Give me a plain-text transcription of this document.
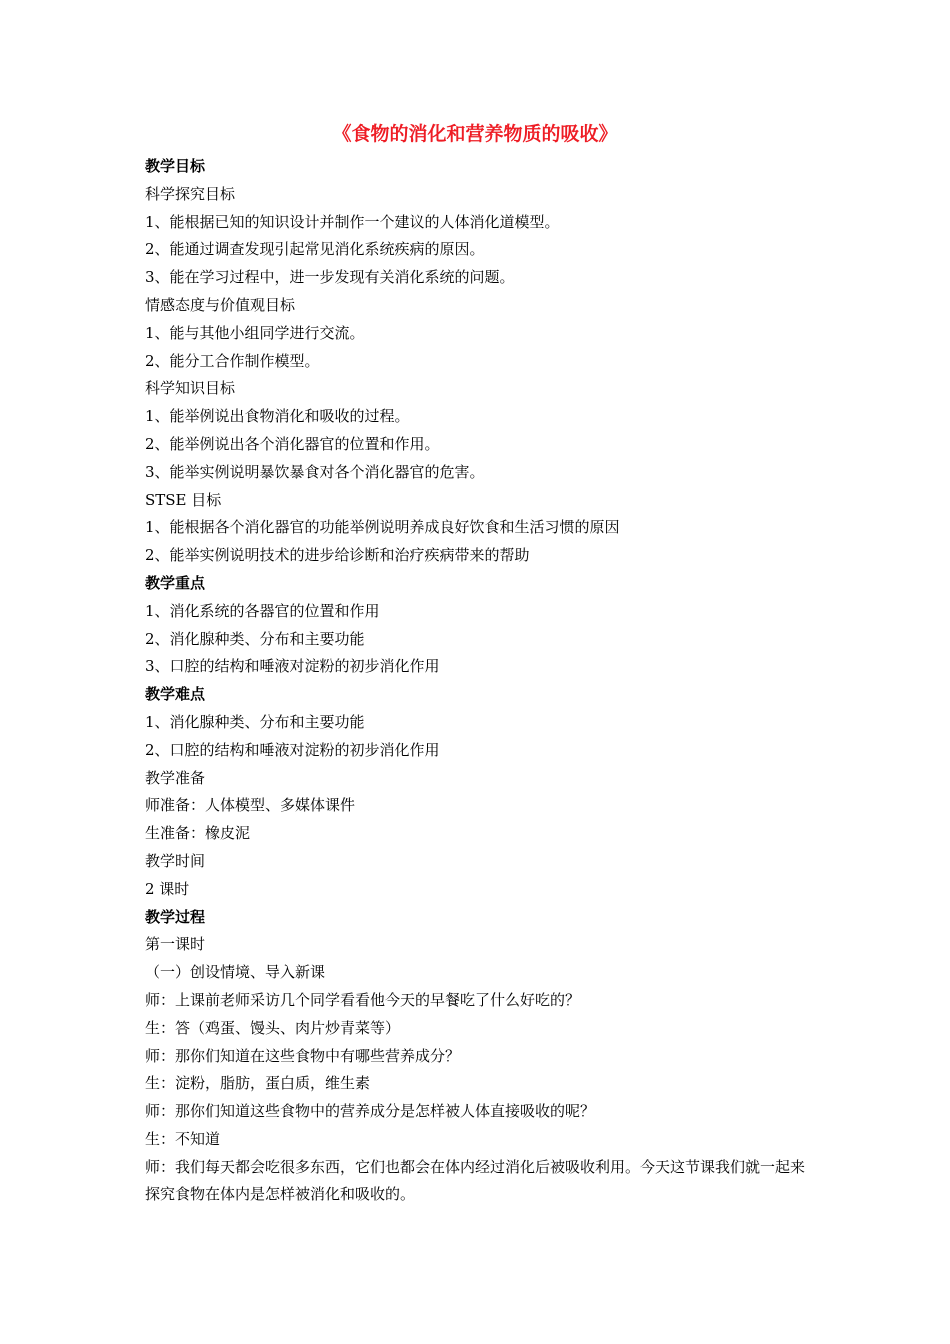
《食物的消化和营养物质的吸收》
教学目标
科学探究目标
1、能根据已知的知识设计并制作一个建议的人体消化道模型。
2、能通过调查发现引起常见消化系统疾病的原因。
3、能在学习过程中，进一步发现有关消化系统的问题。
情感态度与价值观目标
1、能与其他小组同学进行交流。
2、能分工合作制作模型。
科学知识目标
1、能举例说出食物消化和吸收的过程。
2、能举例说出各个消化器官的位置和作用。
3、能举实例说明暴饮暴食对各个消化器官的危害。
STSE 目标
1、能根据各个消化器官的功能举例说明养成良好饮食和生活习惯的原因
2、能举实例说明技术的进步给诊断和治疗疾病带来的帮助
教学重点
1、消化系统的各器官的位置和作用
2、消化腺种类、分布和主要功能
3、口腔的结构和唾液对淀粉的初步消化作用
教学难点
1、消化腺种类、分布和主要功能
2、口腔的结构和唾液对淀粉的初步消化作用
教学准备
师准备：人体模型、多媒体课件
生准备：橡皮泥
教学时间
2 课时
教学过程
第一课时
（一）创设情境、导入新课
师：上课前老师采访几个同学看看他今天的早餐吃了什么好吃的？
生：答（鸡蛋、馒头、肉片炒青菜等）
师：那你们知道在这些食物中有哪些营养成分？
生：淀粉，脂肪，蛋白质，维生素
师：那你们知道这些食物中的营养成分是怎样被人体直接吸收的呢？
生：不知道
师：我们每天都会吃很多东西，它们也都会在体内经过消化后被吸收利用。今天这节课我们就一起来探究食物在体内是怎样被消化和吸收的。
